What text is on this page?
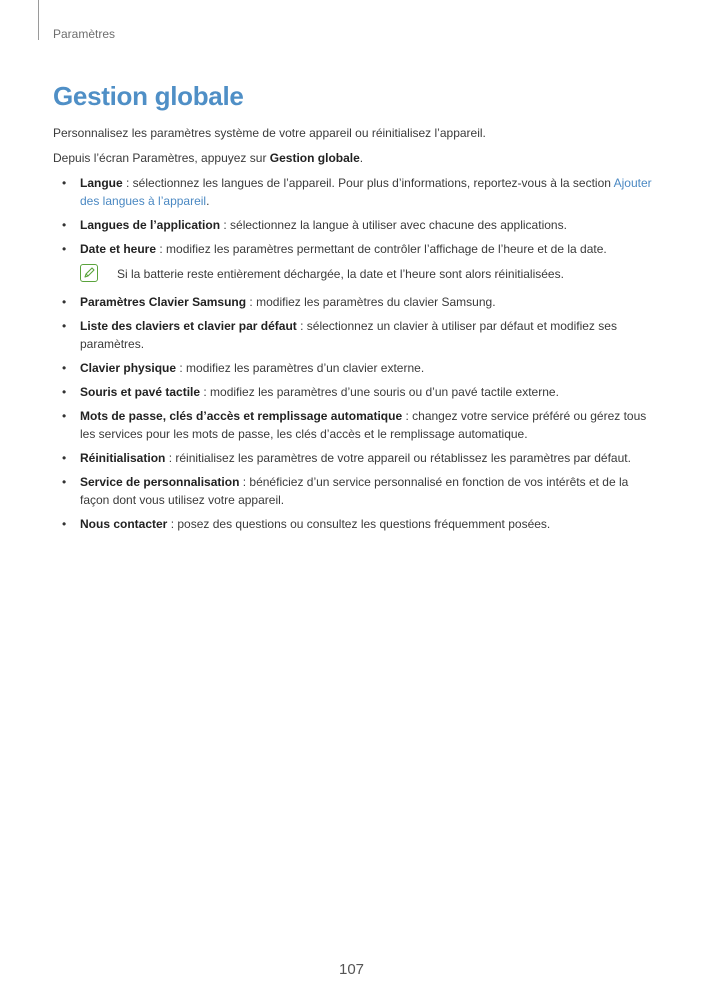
Paramètres
Gestion globale

Personnalisez les paramètres système de votre appareil ou réinitialisez l’appareil.

Depuis l’écran Paramètres, appuyez sur Gestion globale.

• Langue : sélectionnez les langues de l’appareil. Pour plus d’informations, reportez-vous à la section Ajouter des langues à l’appareil.
• Langues de l’application : sélectionnez la langue à utiliser avec chacune des applications.
• Date et heure : modifiez les paramètres permettant de contrôler l’affichage de l’heure et de la date.
Si la batterie reste entièrement déchargée, la date et l’heure sont alors réinitialisées.
• Paramètres Clavier Samsung : modifiez les paramètres du clavier Samsung.
• Liste des claviers et clavier par défaut : sélectionnez un clavier à utiliser par défaut et modifiez ses paramètres.
• Clavier physique : modifiez les paramètres d’un clavier externe.
• Souris et pavé tactile : modifiez les paramètres d’une souris ou d’un pavé tactile externe.
• Mots de passe, clés d’accès et remplissage automatique : changez votre service préféré ou gérez tous les services pour les mots de passe, les clés d’accès et le remplissage automatique.
• Réinitialisation : réinitialisez les paramètres de votre appareil ou rétablissez les paramètres par défaut.
• Service de personnalisation : bénéficiez d’un service personnalisé en fonction de vos intérêts et de la façon dont vous utilisez votre appareil.
• Nous contacter : posez des questions ou consultez les questions fréquemment posées.
107
